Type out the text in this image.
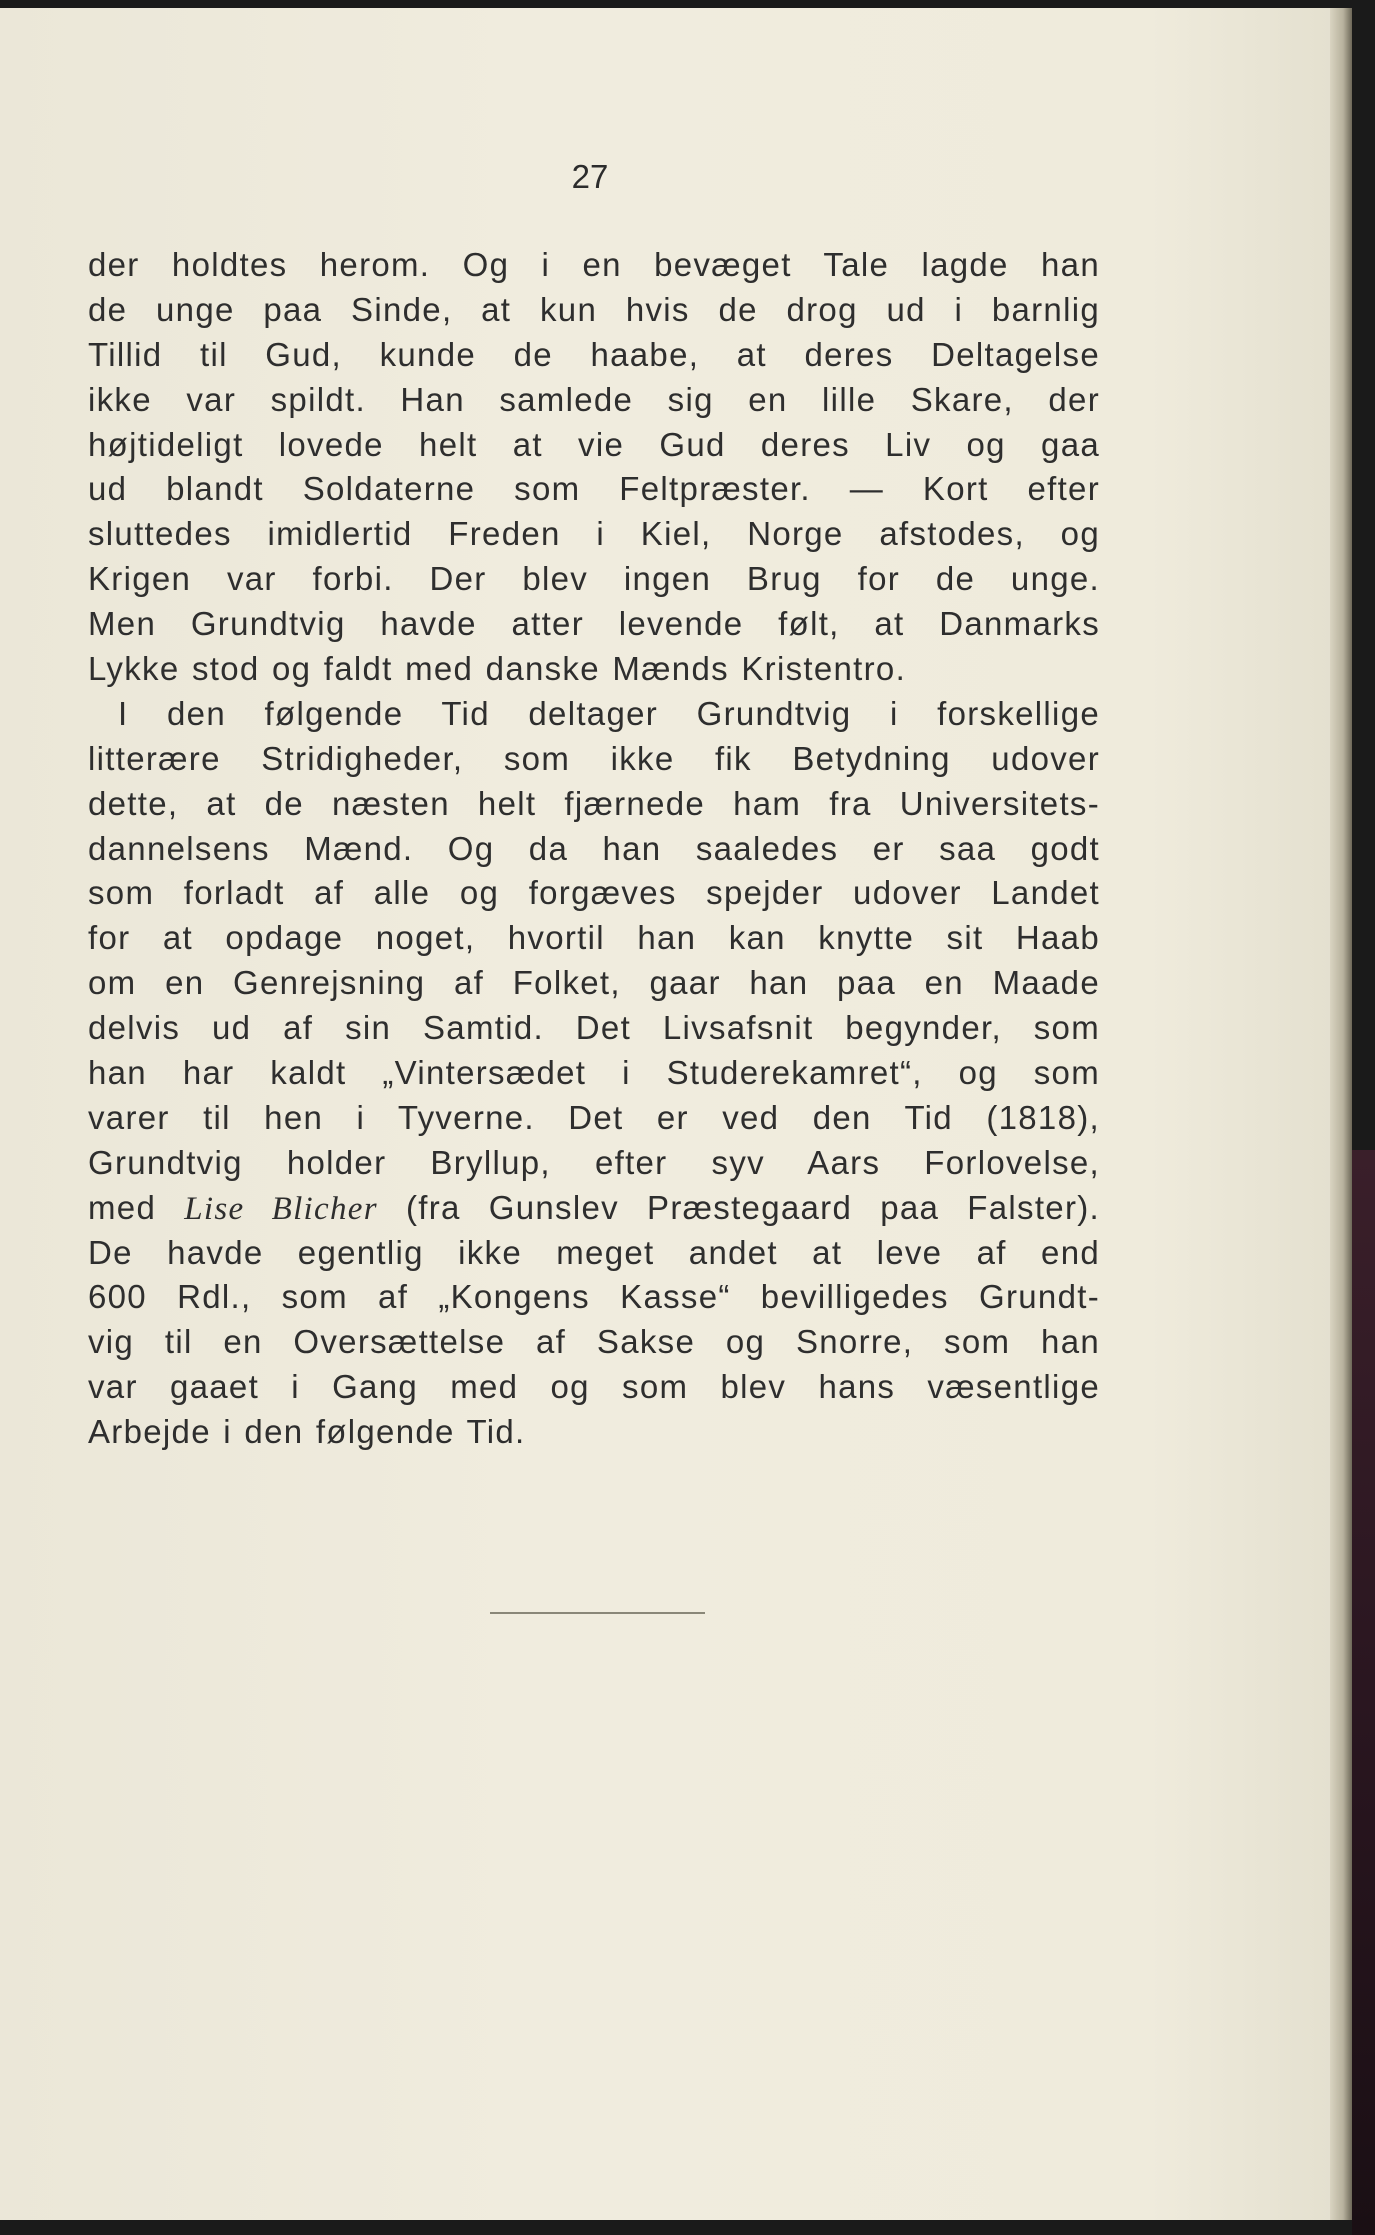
27
der holdtes herom. Og i en bevæget Tale lagde han
de unge paa Sinde, at kun hvis de drog ud i barnlig
Tillid til Gud, kunde de haabe, at deres Deltagelse
ikke var spildt. Han samlede sig en lille Skare, der
højtideligt lovede helt at vie Gud deres Liv og gaa
ud blandt Soldaterne som Feltpræster. — Kort efter
sluttedes imidlertid Freden i Kiel, Norge afstodes, og
Krigen var forbi. Der blev ingen Brug for de unge.
Men Grundtvig havde atter levende følt, at Danmarks
Lykke stod og faldt med danske Mænds Kristentro.
I den følgende Tid deltager Grundtvig i forskellige
litterære Stridigheder, som ikke fik Betydning udover
dette, at de næsten helt fjærnede ham fra Universitets-
dannelsens Mænd. Og da han saaledes er saa godt
som forladt af alle og forgæves spejder udover Landet
for at opdage noget, hvortil han kan knytte sit Haab
om en Genrejsning af Folket, gaar han paa en Maade
delvis ud af sin Samtid. Det Livsafsnit begynder, som
han har kaldt „Vintersædet i Studerekamret“, og som
varer til hen i Tyverne. Det er ved den Tid (1818),
Grundtvig holder Bryllup, efter syv Aars Forlovelse,
med Lise Blicher (fra Gunslev Præstegaard paa Falster).
De havde egentlig ikke meget andet at leve af end
600 Rdl., som af „Kongens Kasse“ bevilligedes Grundt-
vig til en Oversættelse af Sakse og Snorre, som han
var gaaet i Gang med og som blev hans væsentlige
Arbejde i den følgende Tid.
